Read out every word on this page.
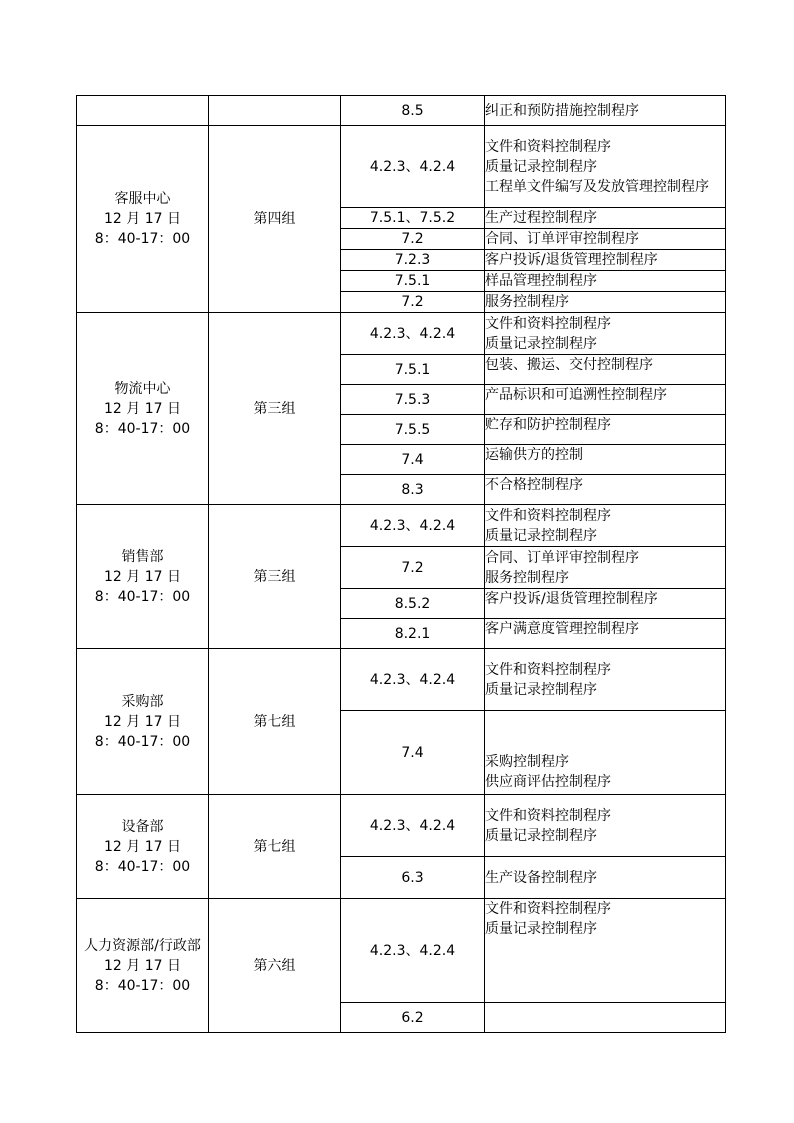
		8.5	纠正和预防措施控制程序

客服中心
12 月 17 日
8：40-17：00	第四组	4.2.3、4.2.4	文件和资料控制程序
质量记录控制程序
工程单文件编写及发放管理控制程序

		7.5.1、7.5.2	生产过程控制程序

		7.2	合同、订单评审控制程序

		7.2.3	客户投诉/退货管理控制程序

		7.5.1	样品管理控制程序

		7.2	服务控制程序

物流中心
12 月 17 日
8：40-17：00	第三组	4.2.3、4.2.4	文件和资料控制程序
质量记录控制程序

		7.5.1	包装、搬运、交付控制程序

		7.5.3	产品标识和可追溯性控制程序

		7.5.5	贮存和防护控制程序

		7.4	运输供方的控制

		8.3	不合格控制程序

销售部
12 月 17 日
8：40-17：00	第三组	4.2.3、4.2.4	文件和资料控制程序
质量记录控制程序

		7.2	合同、订单评审控制程序
服务控制程序

		8.5.2	客户投诉/退货管理控制程序

		8.2.1	客户满意度管理控制程序

采购部
12 月 17 日
8：40-17：00	第七组	4.2.3、4.2.4	文件和资料控制程序
质量记录控制程序

		7.4	采购控制程序
供应商评估控制程序

设备部
12 月 17 日
8：40-17：00	第七组	4.2.3、4.2.4	文件和资料控制程序
质量记录控制程序

		6.3	生产设备控制程序

人力资源部/行政部
12 月 17 日
8：40-17：00	第六组	4.2.3、4.2.4	文件和资料控制程序
质量记录控制程序

		6.2	
